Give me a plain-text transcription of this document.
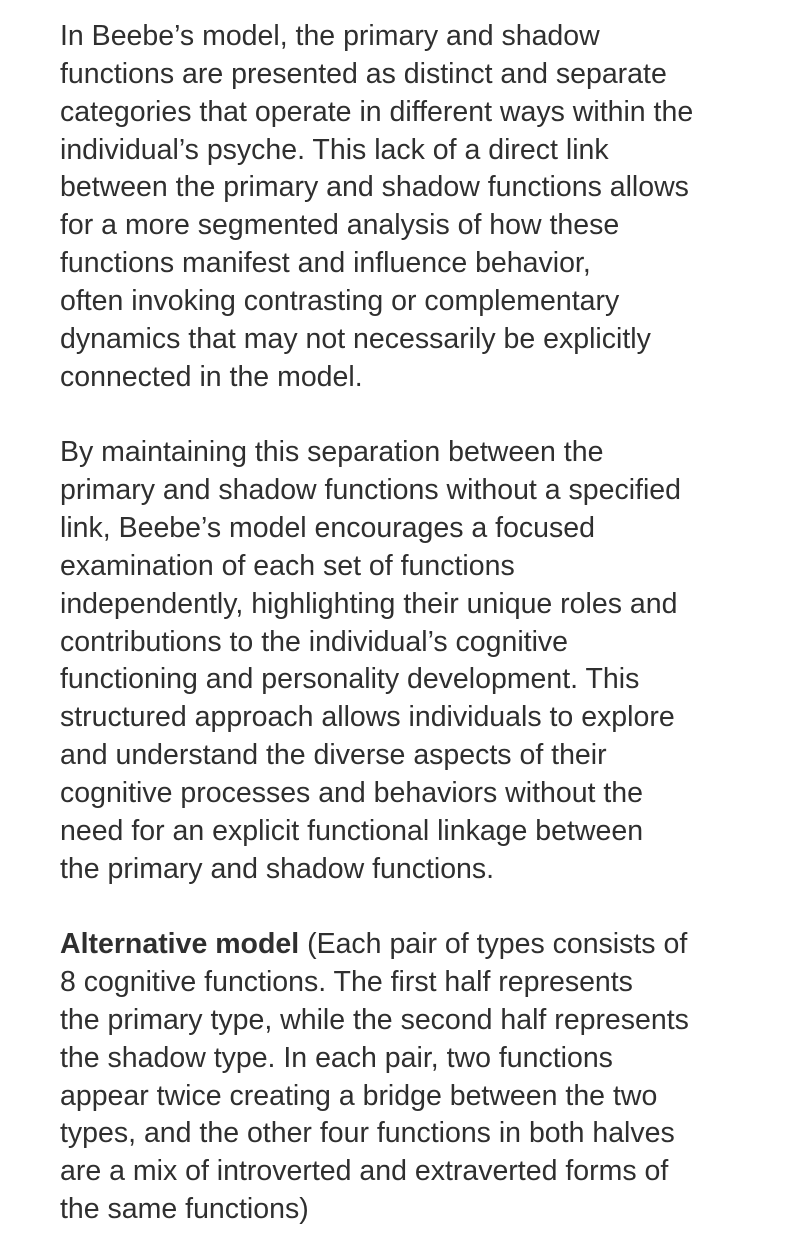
In Beebe’s model, the primary and shadow
functions are presented as distinct and separate
categories that operate in different ways within the
individual’s psyche. This lack of a direct link
between the primary and shadow functions allows
for a more segmented analysis of how these
functions manifest and influence behavior,
often invoking contrasting or complementary
dynamics that may not necessarily be explicitly
connected in the model.

By maintaining this separation between the
primary and shadow functions without a specified
link, Beebe’s model encourages a focused
examination of each set of functions
independently, highlighting their unique roles and
contributions to the individual’s cognitive
functioning and personality development. This
structured approach allows individuals to explore
and understand the diverse aspects of their
cognitive processes and behaviors without the
need for an explicit functional linkage between
the primary and shadow functions.

Alternative model (Each pair of types consists of
8 cognitive functions. The first half represents
the primary type, while the second half represents
the shadow type. In each pair, two functions
appear twice creating a bridge between the two
types, and the other four functions in both halves
are a mix of introverted and extraverted forms of
the same functions)
